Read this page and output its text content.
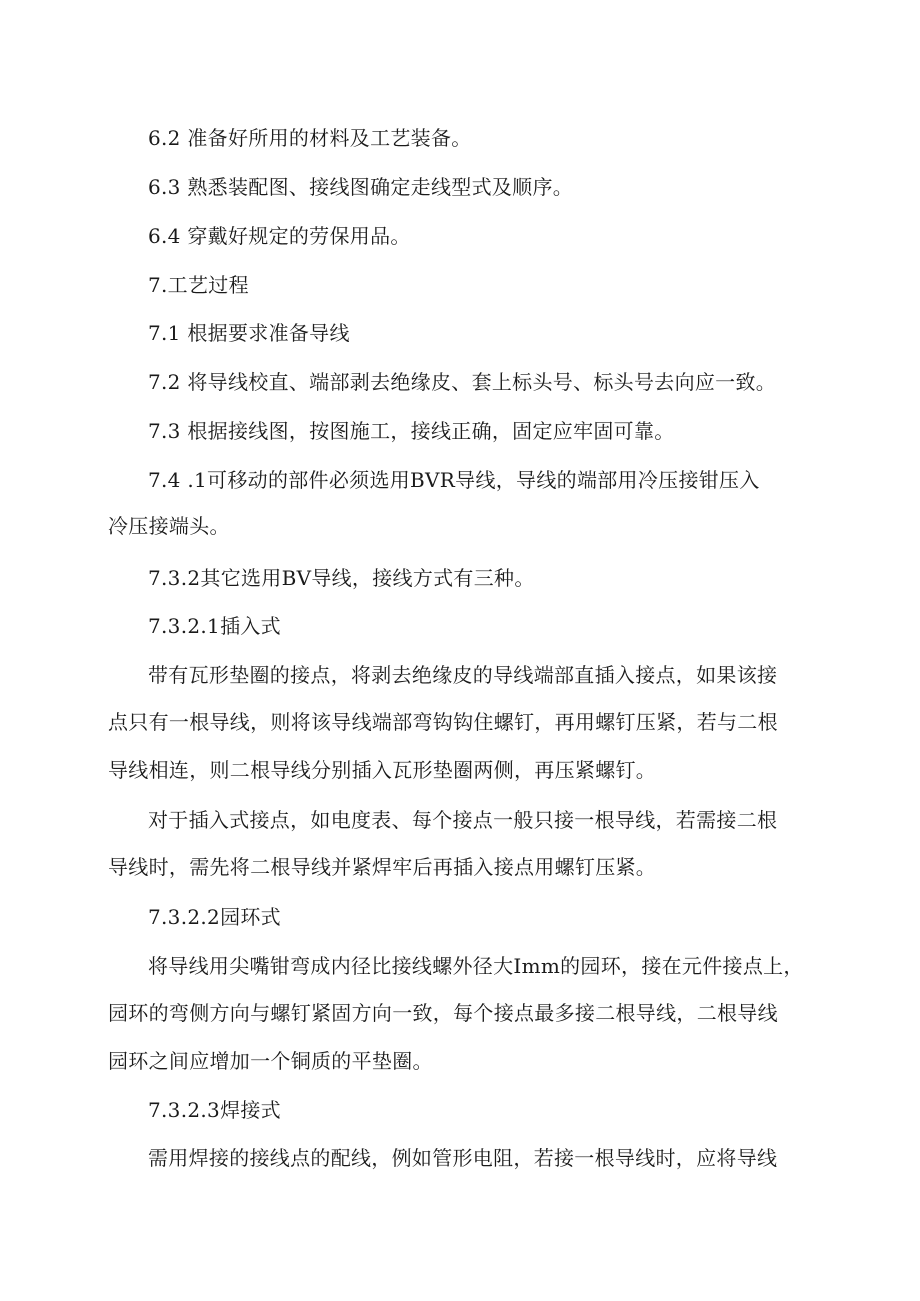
6.2 准备好所用的材料及工艺装备。
6.3 熟悉装配图、接线图确定走线型式及顺序。
6.4 穿戴好规定的劳保用品。
7.工艺过程
7.1 根据要求准备导线
7.2 将导线校直、端部剥去绝缘皮、套上标头号、标头号去向应一致。
7.3 根据接线图，按图施工，接线正确，固定应牢固可靠。
7.4 .1可移动的部件必须选用BVR导线，导线的端部用冷压接钳压入
冷压接端头。
7.3.2其它选用BV导线，接线方式有三种。
7.3.2.1插入式
带有瓦形垫圈的接点，将剥去绝缘皮的导线端部直插入接点，如果该接
点只有一根导线，则将该导线端部弯钩钩住螺钉，再用螺钉压紧，若与二根
导线相连，则二根导线分别插入瓦形垫圈两侧，再压紧螺钉。
对于插入式接点，如电度表、每个接点一般只接一根导线，若需接二根
导线时，需先将二根导线并紧焊牢后再插入接点用螺钉压紧。
7.3.2.2园环式
将导线用尖嘴钳弯成内径比接线螺外径大Imm的园环，接在元件接点上，
园环的弯侧方向与螺钉紧固方向一致，每个接点最多接二根导线，二根导线
园环之间应增加一个铜质的平垫圈。
7.3.2.3焊接式
需用焊接的接线点的配线，例如管形电阻，若接一根导线时，应将导线
